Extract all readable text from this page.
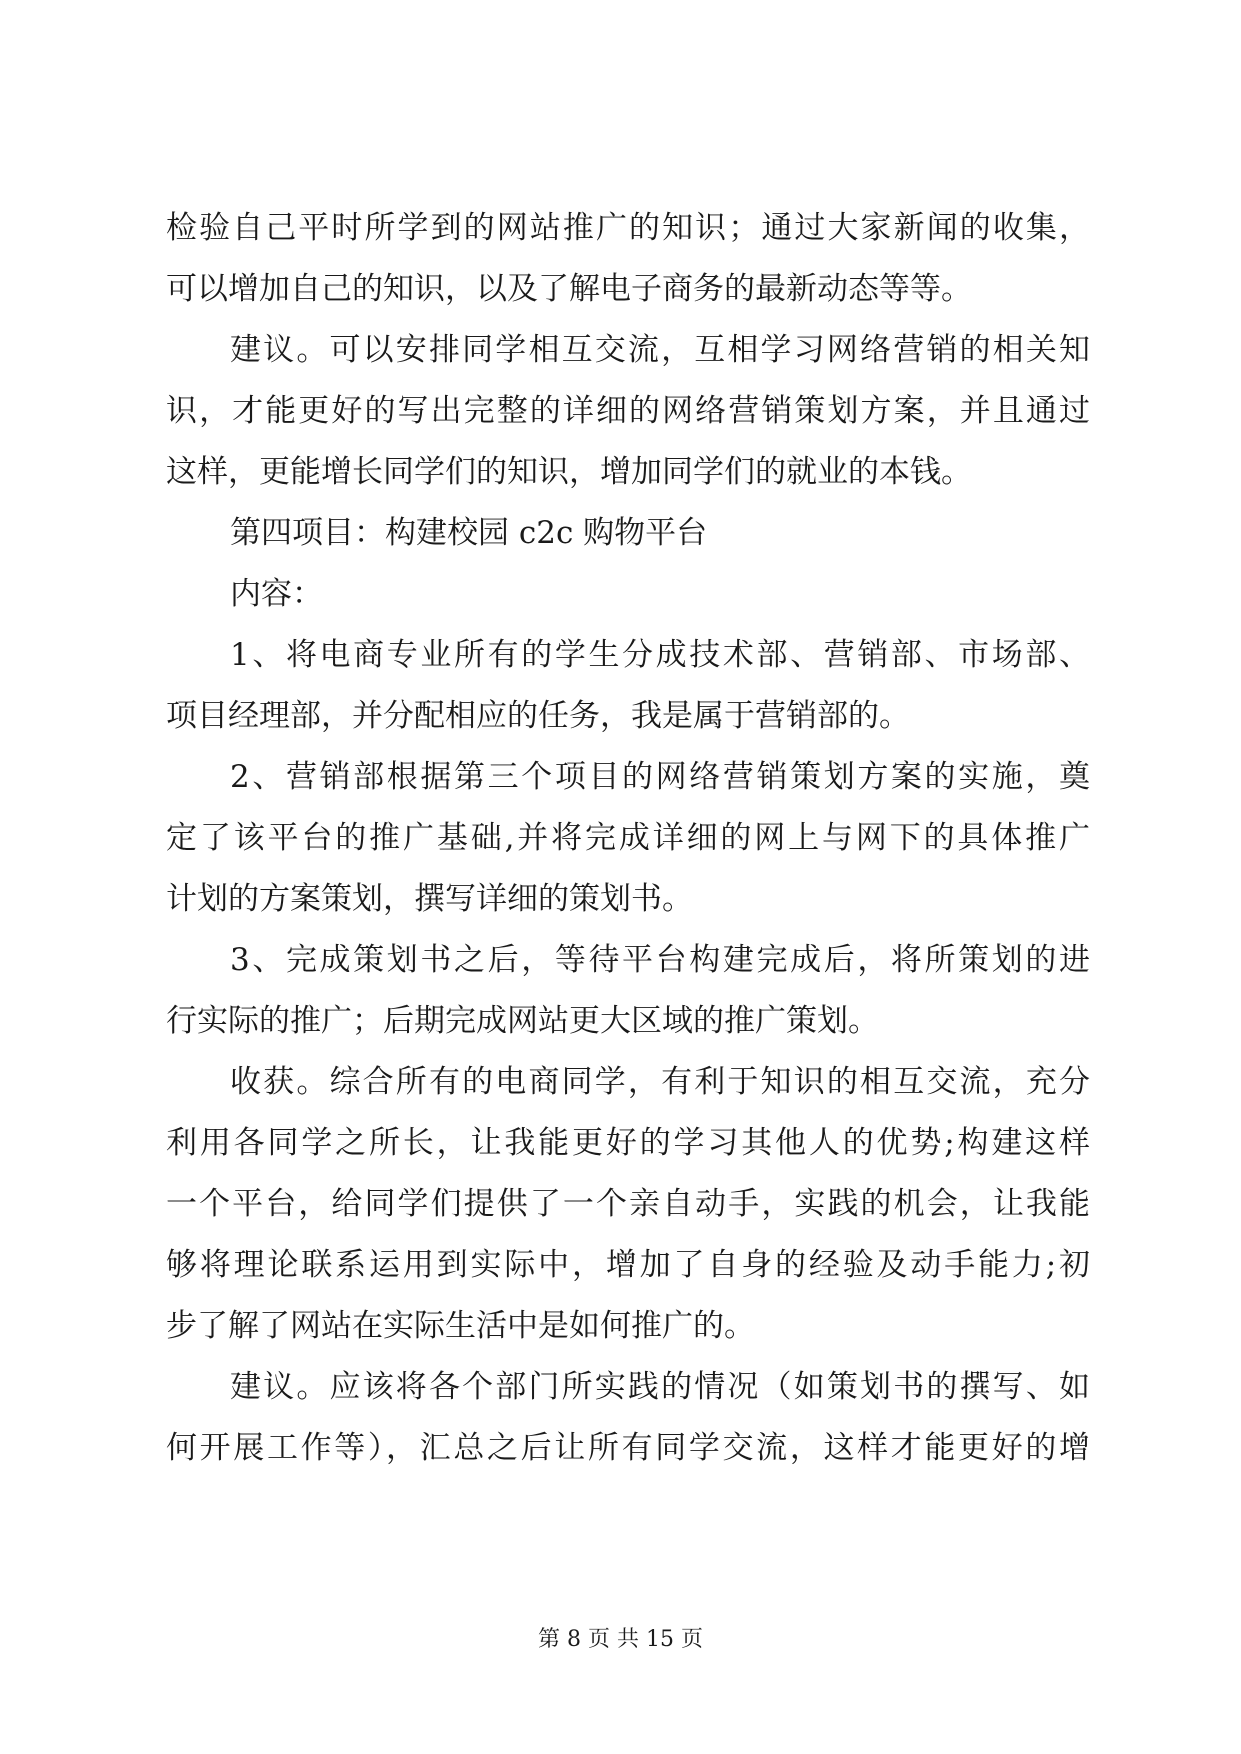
检验自己平时所学到的网站推广的知识；通过大家新闻的收集，
可以增加自己的知识，以及了解电子商务的最新动态等等。
建议。可以安排同学相互交流，互相学习网络营销的相关知
识，才能更好的写出完整的详细的网络营销策划方案，并且通过
这样，更能增长同学们的知识，增加同学们的就业的本钱。
第四项目：构建校园 c2c 购物平台
内容：
1、将电商专业所有的学生分成技术部、营销部、市场部、
项目经理部，并分配相应的任务，我是属于营销部的。
2、营销部根据第三个项目的网络营销策划方案的实施，奠
定了该平台的推广基础,并将完成详细的网上与网下的具体推广
计划的方案策划，撰写详细的策划书。
3、完成策划书之后，等待平台构建完成后，将所策划的进
行实际的推广；后期完成网站更大区域的推广策划。
收获。综合所有的电商同学，有利于知识的相互交流，充分
利用各同学之所长，让我能更好的学习其他人的优势;构建这样
一个平台，给同学们提供了一个亲自动手，实践的机会，让我能
够将理论联系运用到实际中，增加了自身的经验及动手能力;初
步了解了网站在实际生活中是如何推广的。
建议。应该将各个部门所实践的情况（如策划书的撰写、如
何开展工作等），汇总之后让所有同学交流，这样才能更好的增
第 8 页 共 15 页
